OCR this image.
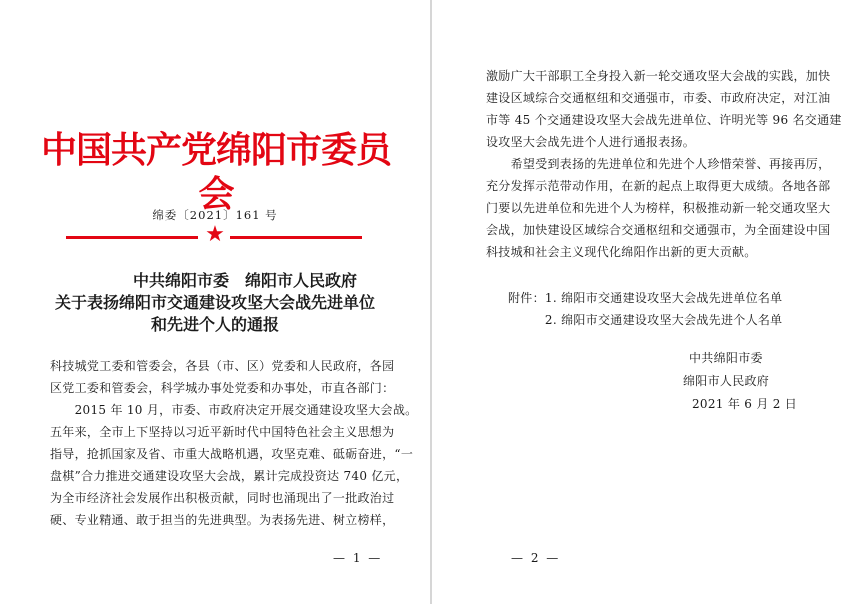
中国共产党绵阳市委员会
绵委〔2021〕161 号
★
中共绵阳市委　绵阳市人民政府
关于表扬绵阳市交通建设攻坚大会战先进单位
和先进个人的通报
科技城党工委和管委会，各县（市、区）党委和人民政府，各园
区党工委和管委会，科学城办事处党委和办事处，市直各部门：
　　2015 年 10 月，市委、市政府决定开展交通建设攻坚大会战。
五年来，全市上下坚持以习近平新时代中国特色社会主义思想为
指导，抢抓国家及省、市重大战略机遇，攻坚克难、砥砺奋进，“一
盘棋”合力推进交通建设攻坚大会战，累计完成投资达 740 亿元，
为全市经济社会发展作出积极贡献，同时也涌现出了一批政治过
硬、专业精通、敢于担当的先进典型。为表扬先进、树立榜样，
— 1 —
激励广大干部职工全身投入新一轮交通攻坚大会战的实践，加快
建设区域综合交通枢纽和交通强市，市委、市政府决定，对江油
市等 45 个交通建设攻坚大会战先进单位、许明光等 96 名交通建
设攻坚大会战先进个人进行通报表扬。
　　希望受到表扬的先进单位和先进个人珍惜荣誉、再接再厉，
充分发挥示范带动作用，在新的起点上取得更大成绩。各地各部
门要以先进单位和先进个人为榜样，积极推动新一轮交通攻坚大
会战，加快建设区域综合交通枢纽和交通强市，为全面建设中国
科技城和社会主义现代化绵阳作出新的更大贡献。
附件：1. 绵阳市交通建设攻坚大会战先进单位名单
　　　2. 绵阳市交通建设攻坚大会战先进个人名单
中共绵阳市委
绵阳市人民政府
2021 年 6 月 2 日
— 2 —
